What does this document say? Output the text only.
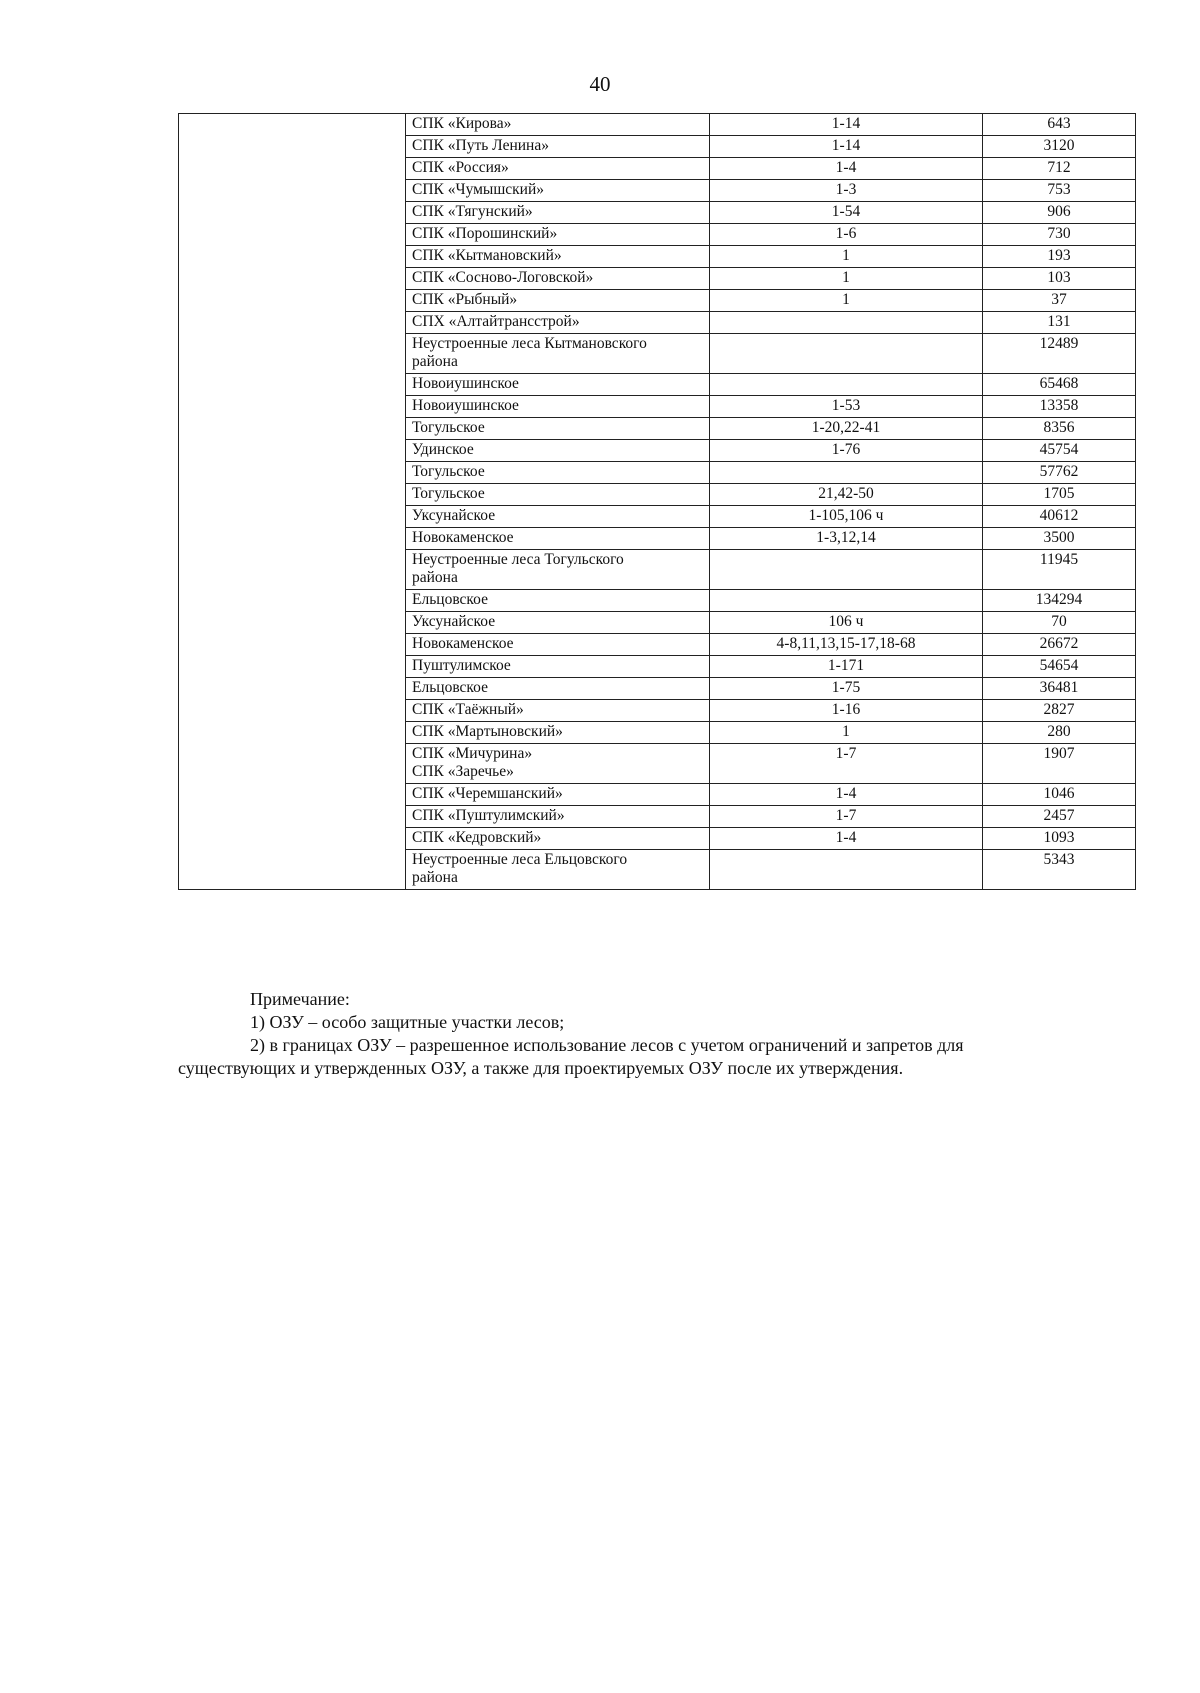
40

	СПК «Кирова»	1-14	643

	СПК «Путь Ленина»	1-14	3120

	СПК «Россия»	1-4	712

	СПК «Чумышский»	1-3	753

	СПК «Тягунский»	1-54	906

	СПК «Порошинский»	1-6	730

	СПК «Кытмановский»	1	193

	СПК «Сосново-Логовской»	1	103

	СПК «Рыбный»	1	37

	СПХ «Алтайтрансстрой»		131

	Неустроенные леса Кытмановского
района		12489

	Новоиушинское		65468

	Новоиушинское	1-53	13358

	Тогульское	1-20,22-41	8356

	Удинское	1-76	45754

	Тогульское		57762

	Тогульское	21,42-50	1705

	Уксунайское	1-105,106 ч	40612

	Новокаменское	1-3,12,14	3500

	Неустроенные леса Тогульского
района		11945

	Ельцовское		134294

	Уксунайское	106 ч	70

	Новокаменское	4-8,11,13,15-17,18-68	26672

	Пуштулимское	1-171	54654

	Ельцовское	1-75	36481

	СПК «Таёжный»	1-16	2827

	СПК «Мартыновский»	1	280

	СПК «Мичурина»
СПК «Заречье»	1-7	1907

	СПК «Черемшанский»	1-4	1046

	СПК «Пуштулимский»	1-7	2457

	СПК «Кедровский»	1-4	1093

	Неустроенные леса Ельцовского
района		5343
Примечание:
1) ОЗУ – особо защитные участки лесов;
2) в границах ОЗУ – разрешенное использование лесов с учетом ограничений и запретов для
существующих и утвержденных ОЗУ, а также для проектируемых ОЗУ после их утверждения.
